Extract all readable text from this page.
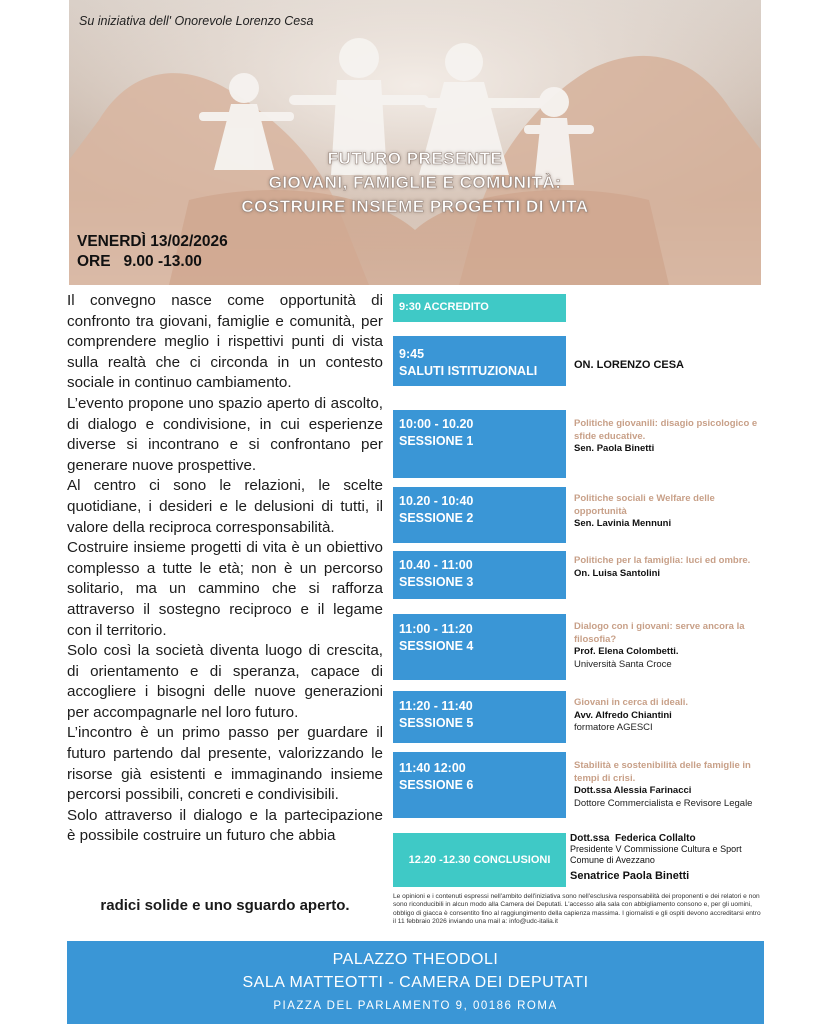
Su iniziativa dell' Onorevole Lorenzo Cesa
FUTURO PRESENTE
GIOVANI, FAMIGLIE E COMUNITÀ:
COSTRUIRE INSIEME PROGETTI DI VITA
VENERDÌ 13/02/2026
ORE   9.00 -13.00

Il convegno nasce come opportunità di confronto tra giovani, famiglie e comunità, per comprendere meglio i rispettivi punti di vista sulla realtà che ci circonda in un contesto sociale in continuo cambiamento.

L’evento propone uno spazio aperto di ascolto, di dialogo e condivisione, in cui esperienze diverse si incontrano e si confrontano per generare nuove prospettive.

Al centro ci sono le relazioni, le scelte quotidiane, i desideri e le delusioni di tutti, il valore della reciproca corresponsabilità.

Costruire insieme progetti di vita è un obiettivo complesso a tutte le età; non è un percorso solitario, ma un cammino che si rafforza attraverso il sostegno reciproco e il legame con il territorio.

Solo così la società diventa luogo di crescita, di orientamento e di speranza, capace di accogliere i bisogni delle nuove generazioni per accompagnarle nel loro futuro.

L’incontro è un primo passo per guardare il futuro partendo dal presente, valorizzando le risorse già esistenti e immaginando insieme percorsi possibili, concreti e condivisibili.

Solo attraverso il dialogo e la partecipazione

è possibile costruire un futuro che abbia

radici solide e uno sguardo aperto.
9:30 ACCREDITO
9:45
SALUTI ISTITUZIONALI	ON. LORENZO CESA
10:00 - 10.20
SESSIONE 1
Politiche giovanili: disagio psicologico e sfide educative.
Sen. Paola Binetti
10.20 - 10:40
SESSIONE 2
Politiche sociali e Welfare delle opportunità
Sen. Lavinia Mennuni
10.40 - 11:00
SESSIONE 3
Politiche per la famiglia: luci ed ombre.
On. Luisa Santolini
11:00 - 11:20
SESSIONE 4
Dialogo con i giovani: serve ancora la filosofia?
Prof. Elena Colombetti.
Università Santa Croce
11:20 - 11:40
SESSIONE 5
Giovani in cerca di ideali.
Avv. Alfredo Chiantini
formatore AGESCI
11:40 12:00
SESSIONE 6
Stabilità e sostenibilità delle famiglie in tempi di crisi.
Dott.ssa Alessia Farinacci
Dottore Commercialista e Revisore Legale
12.20 -12.30 CONCLUSIONI
Dott.ssa  Federica Collalto
Presidente V Commissione Cultura e Sport
Comune di Avezzano
Senatrice Paola Binetti
Le opinioni e i contenuti espressi nell'ambito dell'iniziativa sono nell'esclusiva responsabilità dei proponenti e dei relatori e non sono riconducibili in alcun modo alla Camera dei Deputati. L'accesso alla sala con abbigliamento consono e, per gli uomini, obbligo di giacca è consentito fino al raggiungimento della capienza massima. I giornalisti e gli ospiti devono accreditarsi entro il 11 febbraio 2026 inviando una mail a: info@udc-italia.it
PALAZZO THEODOLI
SALA MATTEOTTI - CAMERA DEI DEPUTATI
PIAZZA DEL PARLAMENTO 9, 00186 ROMA
